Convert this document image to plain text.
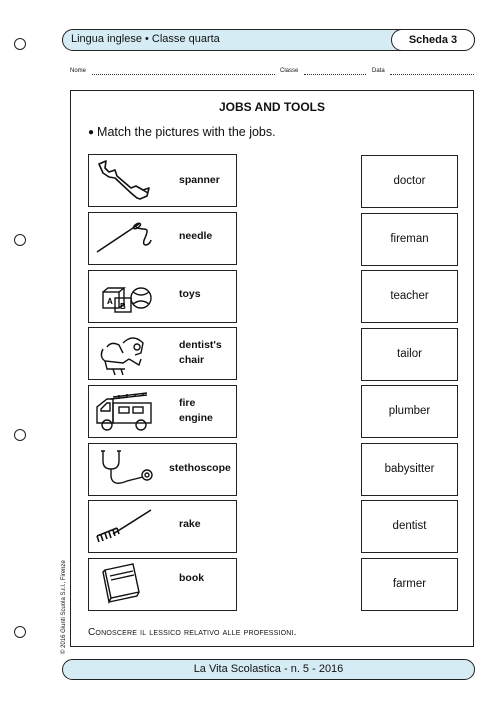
Lingua inglese • Classe quarta	Scheda 3
Nome	Classe	Data
JOBS AND TOOLS
● Match the pictures with the jobs.
spanner
needle
A
B
toys
dentist's
chair
fire
engine
stethoscope
rake
book
doctor
fireman
teacher
tailor
plumber
babysitter
dentist
farmer
Conoscere il lessico relativo alle professioni.
© 2016 Giunti Scuola S.r.l., Firenze
La Vita Scolastica - n. 5 - 2016
